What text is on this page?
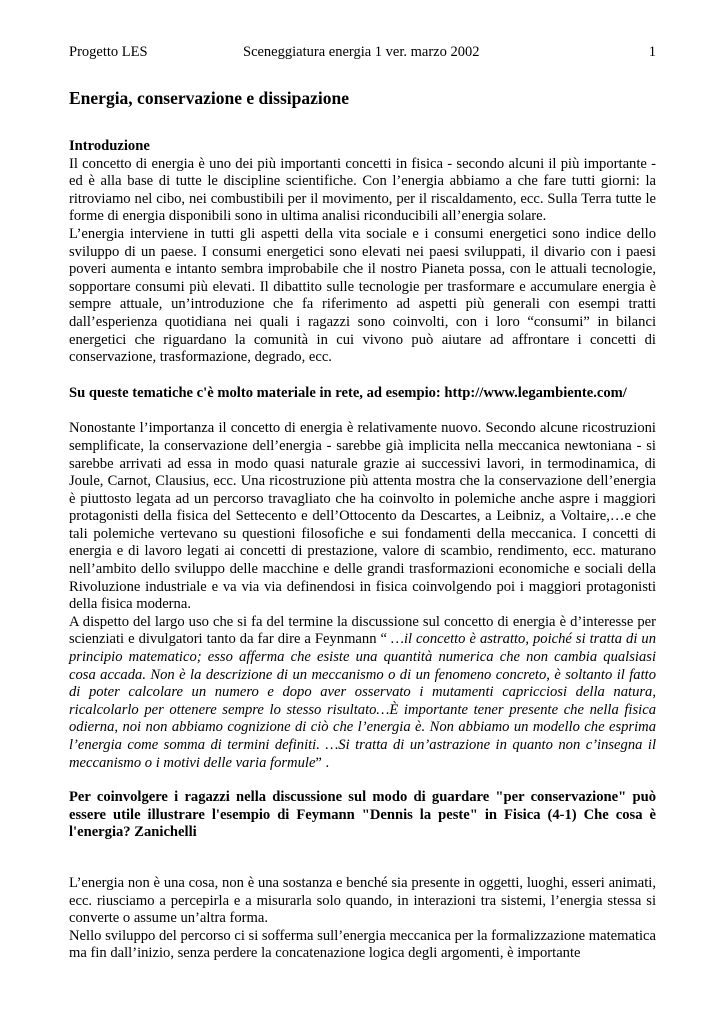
Progetto LES	Sceneggiatura energia 1 ver. marzo 2002	1
Energia, conservazione e dissipazione

Introduzione

Il concetto di energia è uno dei più importanti concetti in fisica - secondo alcuni il più importante - ed è alla base di tutte le discipline scientifiche. Con l’energia abbiamo a che fare tutti giorni: la ritroviamo nel cibo, nei combustibili per il movimento, per il riscaldamento, ecc. Sulla Terra tutte le forme di energia disponibili sono in ultima analisi riconducibili all’energia solare.

L’energia interviene in tutti gli aspetti della vita sociale e i consumi energetici sono indice dello sviluppo di un paese. I consumi energetici sono elevati nei paesi sviluppati, il divario con i paesi poveri aumenta e intanto sembra improbabile che il nostro Pianeta possa, con le attuali tecnologie, sopportare consumi più elevati. Il dibattito sulle tecnologie per trasformare e accumulare energia è sempre attuale, un’introduzione che fa riferimento ad aspetti più generali con esempi tratti dall’esperienza quotidiana nei quali i ragazzi sono coinvolti, con i loro “consumi” in bilanci energetici che riguardano la comunità in cui vivono può aiutare ad affrontare i concetti di conservazione, trasformazione, degrado, ecc.

Su queste tematiche c'è molto materiale in rete, ad esempio: http://www.legambiente.com/

Nonostante l’importanza il concetto di energia è relativamente nuovo. Secondo alcune ricostruzioni semplificate, la conservazione dell’energia - sarebbe già implicita nella meccanica newtoniana - si sarebbe arrivati ad essa in modo quasi naturale grazie ai successivi lavori, in termodinamica, di Joule, Carnot, Clausius, ecc. Una ricostruzione più attenta mostra che la conservazione dell’energia è piuttosto legata ad un percorso travagliato che ha coinvolto in polemiche anche aspre i maggiori protagonisti della fisica del Settecento e dell’Ottocento da Descartes, a Leibniz, a Voltaire,…e che tali polemiche vertevano su questioni filosofiche e sui fondamenti della meccanica. I concetti di energia e di lavoro legati ai concetti di prestazione, valore di scambio, rendimento, ecc. maturano nell’ambito dello sviluppo delle macchine e delle grandi trasformazioni economiche e sociali della Rivoluzione industriale e va via via definendosi in fisica coinvolgendo poi i maggiori protagonisti della fisica moderna.

A dispetto del largo uso che si fa del termine la discussione sul concetto di energia è d’interesse per scienziati e divulgatori tanto da far dire a Feynmann “ …il concetto è astratto, poiché si tratta di un principio matematico; esso afferma che esiste una quantità numerica che non cambia qualsiasi cosa accada. Non è la descrizione di un meccanismo o di un fenomeno concreto, è soltanto il fatto di poter calcolare un numero e dopo aver osservato i mutamenti capricciosi della natura, ricalcolarlo per ottenere sempre lo stesso risultato…È importante tener presente che nella fisica odierna, noi non abbiamo cognizione di ciò che l’energia è. Non abbiamo un modello che esprima l’energia come somma di termini definiti. …Si tratta di un’astrazione in quanto non c’insegna il meccanismo o i motivi delle varia formule” .

Per coinvolgere i ragazzi nella discussione sul modo di guardare "per conservazione" può essere utile illustrare l'esempio di Feymann "Dennis la peste" in Fisica (4-1) Che cosa è l'energia? Zanichelli

L’energia non è una cosa, non è una sostanza e benché sia presente in oggetti, luoghi, esseri animati, ecc. riusciamo a percepirla e a misurarla solo quando, in interazioni tra sistemi, l’energia stessa si converte o assume un’altra forma.

Nello sviluppo del percorso ci si sofferma sull’energia meccanica per la formalizzazione matematica ma fin dall’inizio, senza perdere la concatenazione logica degli argomenti, è importante
